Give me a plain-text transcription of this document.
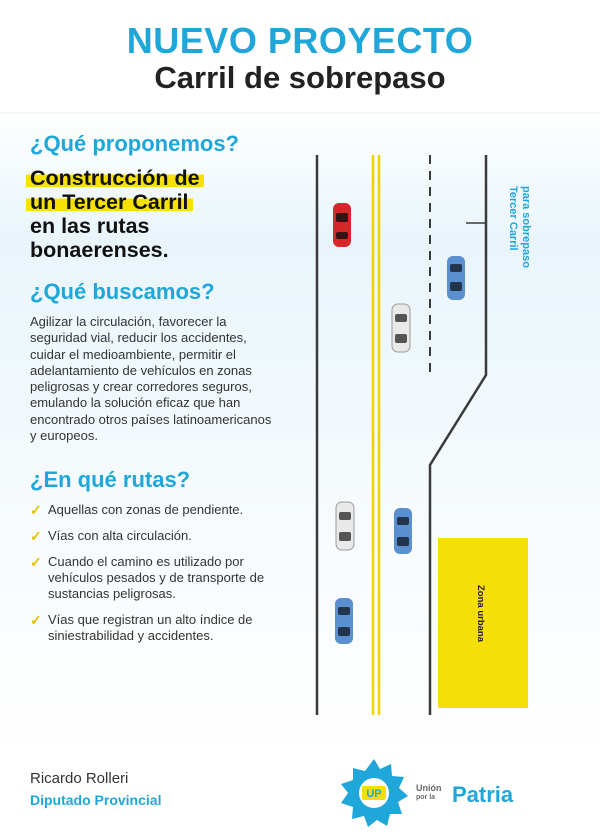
NUEVO PROYECTO
Carril de sobrepaso
¿Qué proponemos?
Construcción de
un Tercer Carril
en las rutas
bonaerenses.
¿Qué buscamos?

Agilizar la circulación, favorecer la seguridad vial, reducir los accidentes, cuidar el medioambiente, permitir el adelantamiento de vehículos en zonas peligrosas y crear corredores seguros, emulando la solución eficaz que han encontrado otros países latinoamericanos y europeos.

¿En qué rutas?
✓ Aquellas con zonas de pendiente.
✓ Vías con alta circulación.
✓ Cuando el camino es utilizado por vehículos pesados y de transporte de sustancias peligrosas.
✓ Vías que registran un alto índice de siniestrabilidad y accidentes.
Tercer Carril para sobrepaso
Zona urbana
Ricardo Rolleri
Diputado Provincial	UP	Unión
por la Patria
